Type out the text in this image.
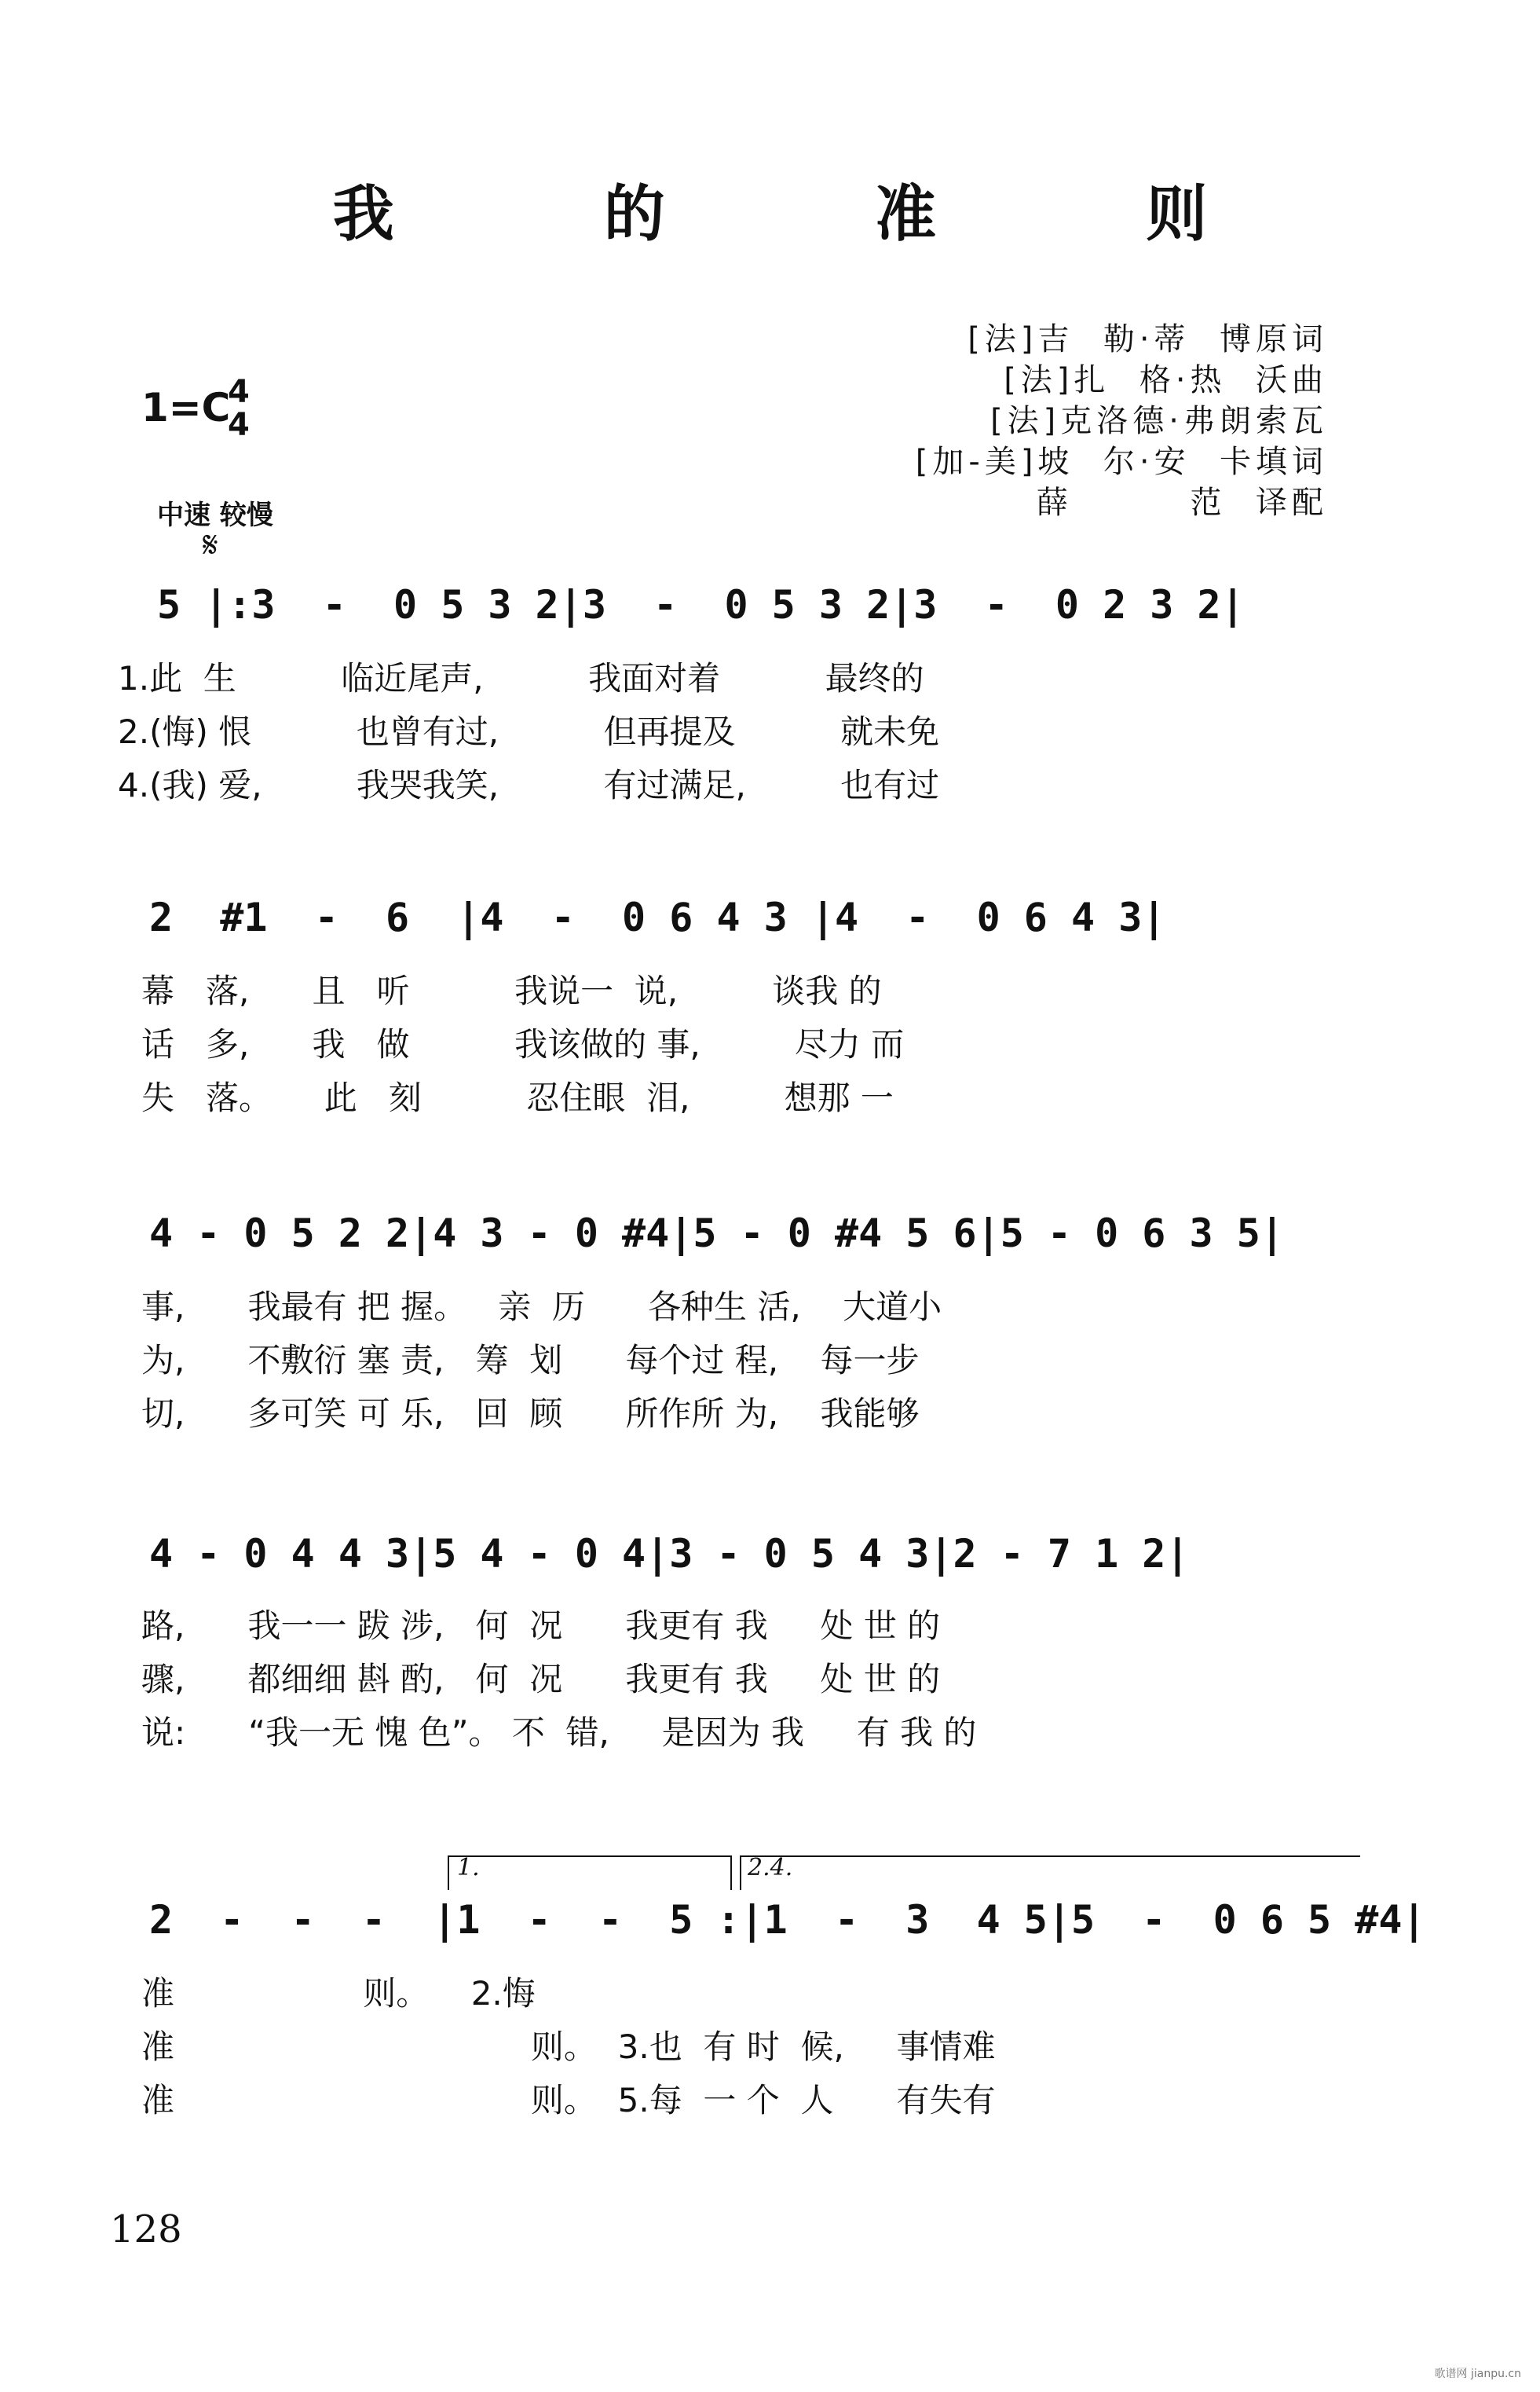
我 的 准 则
[法]吉  勒·蒂  博原词
[法]扎  格·热  沃曲
[法]克洛德·弗朗索瓦
[加-美]坡  尔·安  卡填词
薛        范  译配
1=C
4
4
中速 较慢
𝄋
5 |:3  -  0 5 3 2|3  -  0 5 3 2|3  -  0 2 3 2|
1.此  生          临近尾声,          我面对着          最终的
2.(悔) 恨          也曾有过,          但再提及          就未免
4.(我) 爱,         我哭我笑,          有过满足,         也有过
2  #1  -  6  |4  -  0 6 4 3 |4  -  0 6 4 3|
幕   落,      且   听          我说一  说,         谈我 的
话   多,      我   做          我该做的 事,         尽力 而
失   落。     此   刻          忍住眼  泪,         想那 一
4 - 0 5 2 2|4 3 - 0 #4|5 - 0 #4 5 6|5 - 0 6 3 5|
事,      我最有 把 握。   亲  历      各种生 活,    大道小
为,      不敷衍 塞 责,   筹  划      每个过 程,    每一步
切,      多可笑 可 乐,   回  顾      所作所 为,    我能够
4 - 0 4 4 3|5 4 - 0 4|3 - 0 5 4 3|2 - 7 1 2|
路,      我一一 跋 涉,   何  况      我更有 我     处 世 的
骤,      都细细 斟 酌,   何  况      我更有 我     处 世 的
说:      “我一无 愧 色”。 不  错,     是因为 我     有 我 的
1.	2.4.
2  -  -  -  |1  -  -  5 :|1  -  3  4 5|5  -  0 6 5 #4|
准                  则。    2.悔
准                                  则。  3.也  有 时  候,     事情难
准                                  则。  5.每  一 个  人      有失有
128
歌谱网 jianpu.cn
